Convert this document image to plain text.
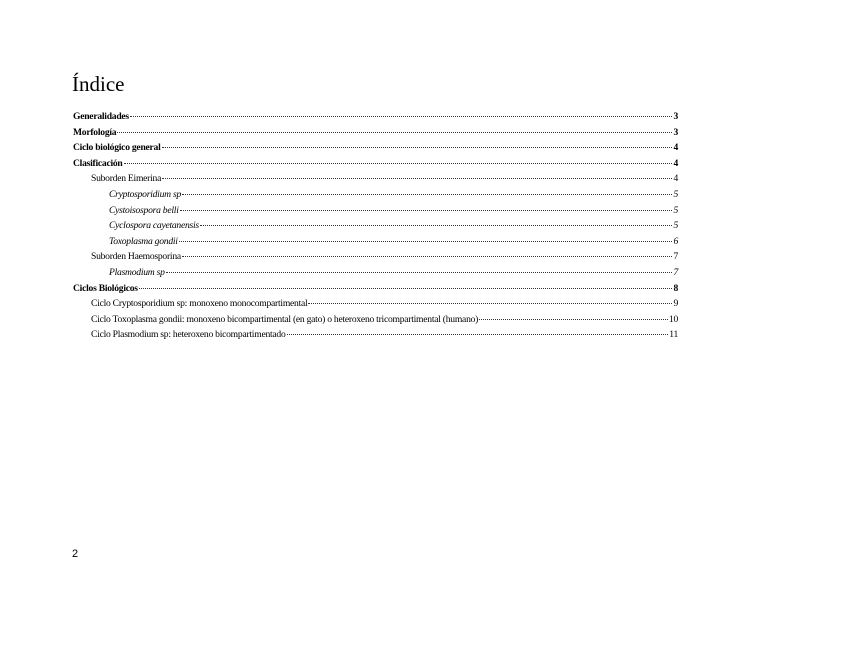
Índice
Generalidades	3
Morfología	3
Ciclo biológico general	4
Clasificación	4
Suborden Eimerina	4
Cryptosporidium sp	5
Cystoisospora belli	5
Cyclospora cayetanensis	5
Toxoplasma gondii	6
Suborden Haemosporina	7
Plasmodium sp	7
Ciclos Biológicos	8
Ciclo Cryptosporidium sp: monoxeno monocompartimental	9
Ciclo Toxoplasma gondii: monoxeno bicompartimental (en gato) o heteroxeno tricompartimental (humano)	10
Ciclo Plasmodium sp: heteroxeno bicompartimentado	11
2
